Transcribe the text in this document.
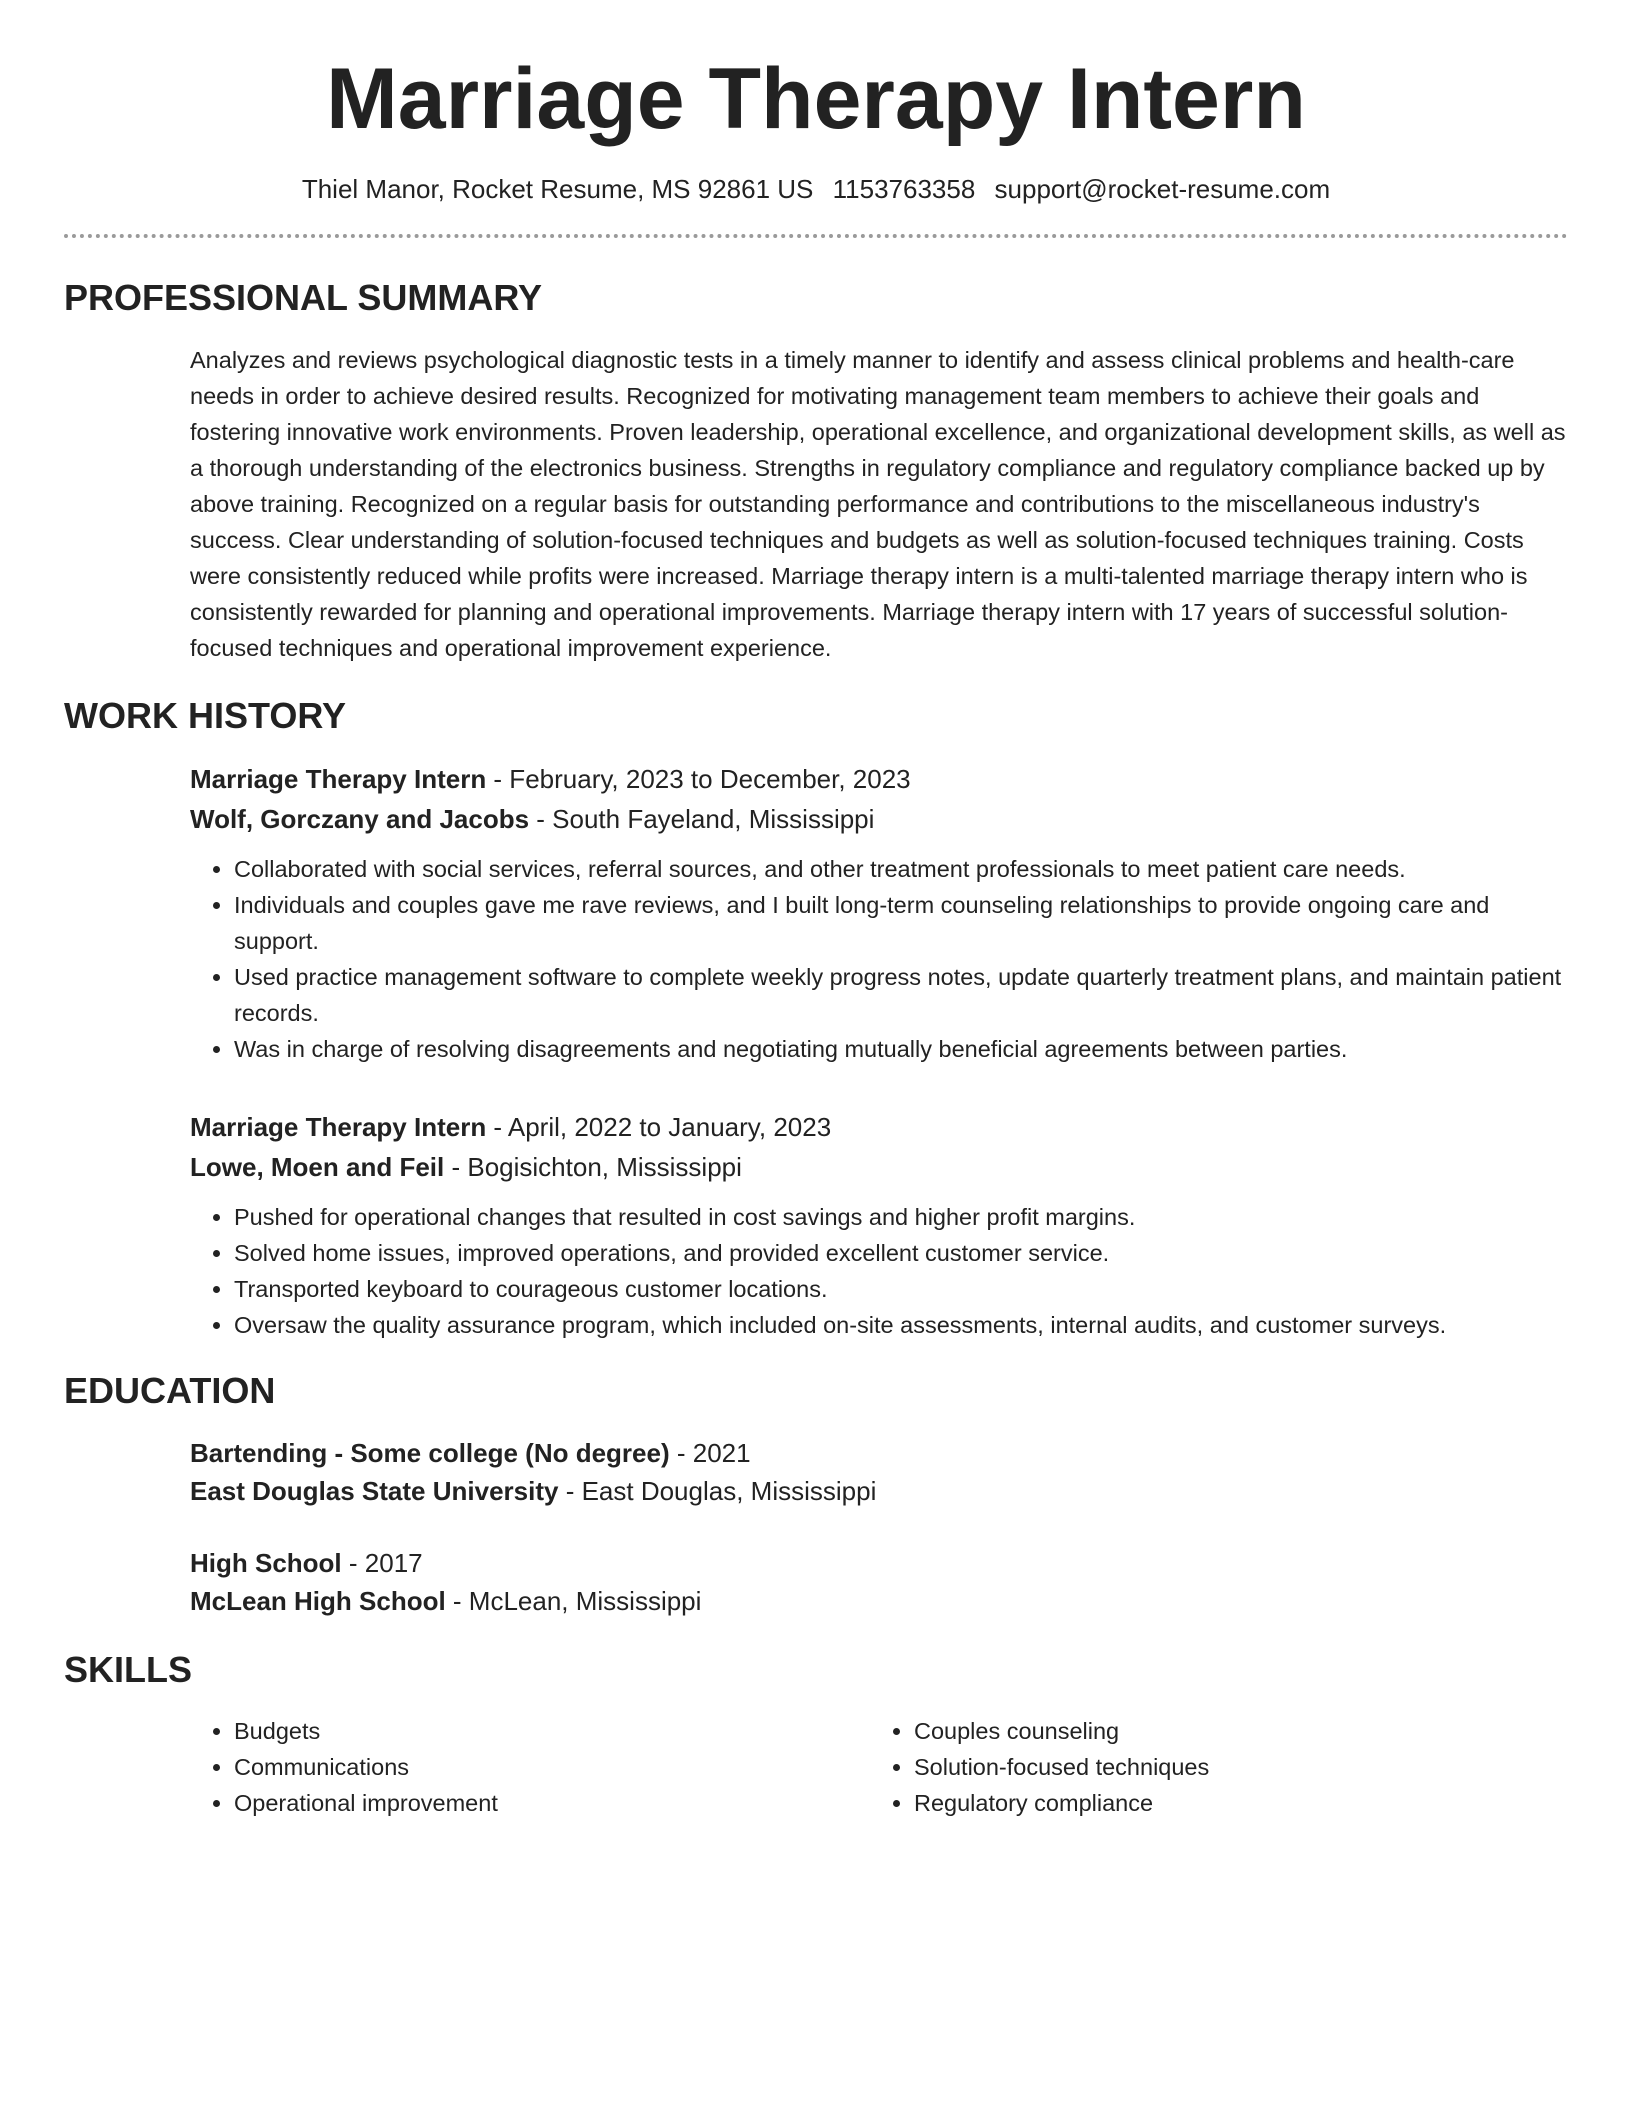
Marriage Therapy Intern
Thiel Manor, Rocket Resume, MS 92861 US 1153763358 support@rocket-resume.com
PROFESSIONAL SUMMARY

Analyzes and reviews psychological diagnostic tests in a timely manner to identify and assess clinical problems and health-care needs in order to achieve desired results. Recognized for motivating management team members to achieve their goals and fostering innovative work environments. Proven leadership, operational excellence, and organizational development skills, as well as a thorough understanding of the electronics business. Strengths in regulatory compliance and regulatory compliance backed up by above training. Recognized on a regular basis for outstanding performance and contributions to the miscellaneous industry's success. Clear understanding of solution-focused techniques and budgets as well as solution-focused techniques training. Costs were consistently reduced while profits were increased. Marriage therapy intern is a multi-talented marriage therapy intern who is consistently rewarded for planning and operational improvements. Marriage therapy intern with 17 years of successful solution-focused techniques and operational improvement experience.

WORK HISTORY
Marriage Therapy Intern - February, 2023 to December, 2023
Wolf, Gorczany and Jacobs - South Fayeland, Mississippi
• Collaborated with social services, referral sources, and other treatment professionals to meet patient care needs.
• Individuals and couples gave me rave reviews, and I built long-term counseling relationships to provide ongoing care and support.
• Used practice management software to complete weekly progress notes, update quarterly treatment plans, and maintain patient records.
• Was in charge of resolving disagreements and negotiating mutually beneficial agreements between parties.
Marriage Therapy Intern - April, 2022 to January, 2023
Lowe, Moen and Feil - Bogisichton, Mississippi
• Pushed for operational changes that resulted in cost savings and higher profit margins.
• Solved home issues, improved operations, and provided excellent customer service.
• Transported keyboard to courageous customer locations.
• Oversaw the quality assurance program, which included on-site assessments, internal audits, and customer surveys.
EDUCATION
Bartending - Some college (No degree) - 2021
East Douglas State University - East Douglas, Mississippi
High School - 2017
McLean High School - McLean, Mississippi
SKILLS
• Budgets
• Communications
• Operational improvement
• Couples counseling
• Solution-focused techniques
• Regulatory compliance
